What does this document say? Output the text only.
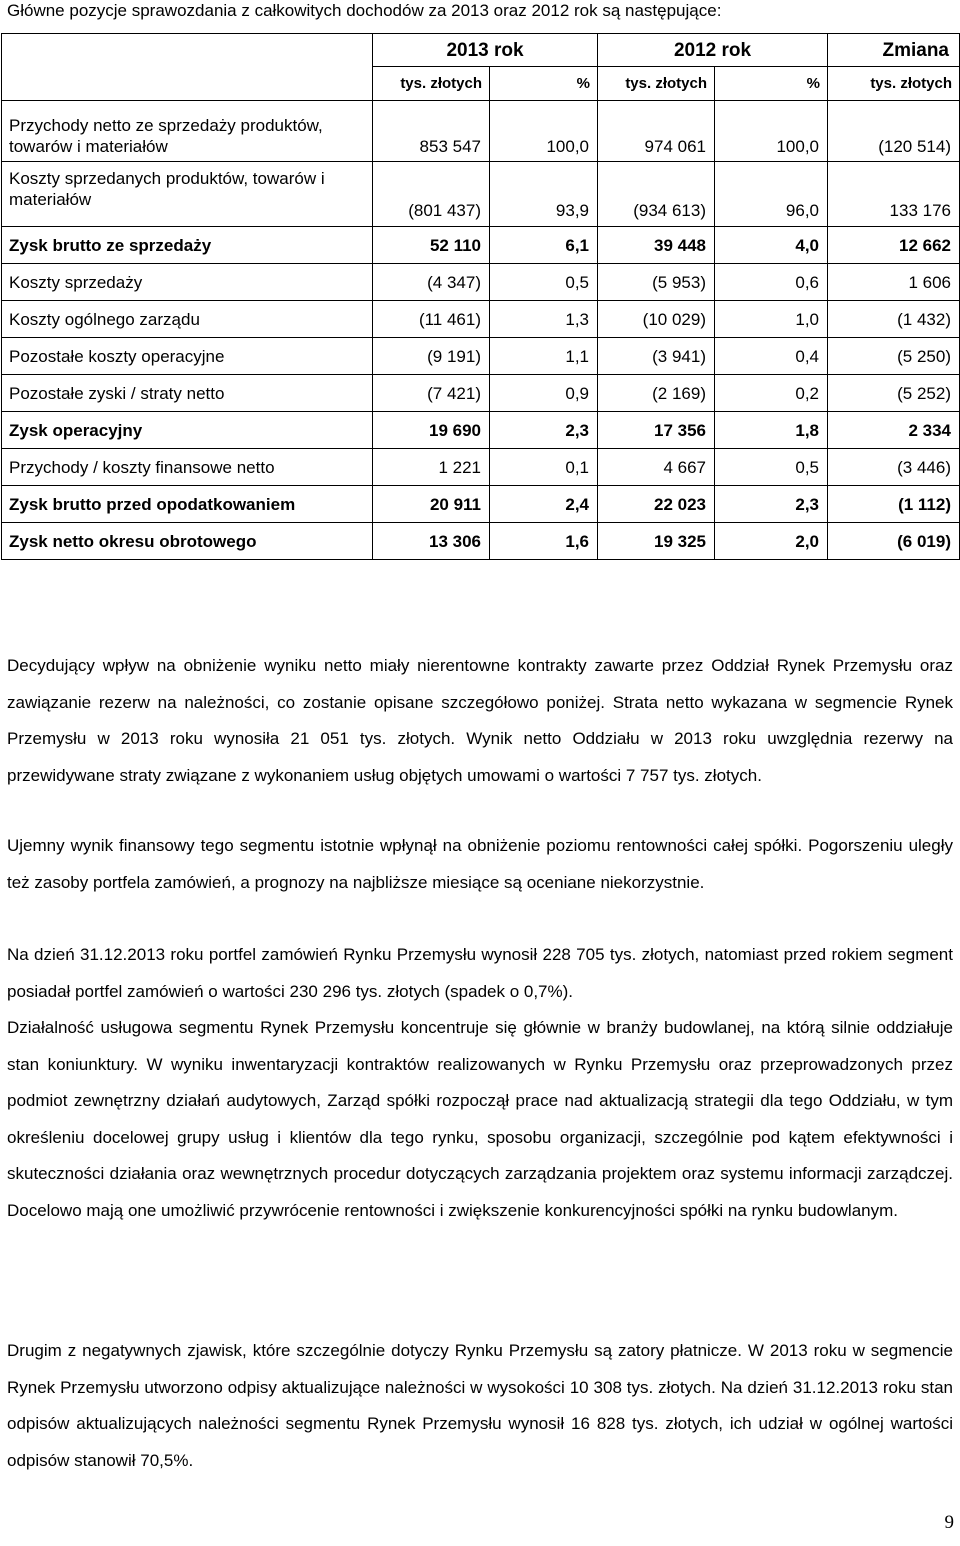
Główne pozycje sprawozdania z całkowitych dochodów za 2013 oraz 2012 rok są następujące:
	2013 rok		2012 rok		Zmiana
	tys. złotych	%	tys. złotych	%	tys. złotych
Przychody netto ze sprzedaży produktów, towarów i materiałów	853 547	100,0	974 061	100,0	(120 514)
Koszty sprzedanych produktów, towarów i materiałów	(801 437)	93,9	(934 613)	96,0	133 176
Zysk brutto ze sprzedaży	52 110	6,1	39 448	4,0	12 662
Koszty sprzedaży	(4 347)	0,5	(5 953)	0,6	1 606
Koszty ogólnego zarządu	(11 461)	1,3	(10 029)	1,0	(1 432)
Pozostałe koszty operacyjne	(9 191)	1,1	(3 941)	0,4	(5 250)
Pozostałe zyski / straty netto	(7 421)	0,9	(2 169)	0,2	(5 252)
Zysk operacyjny	19 690	2,3	17 356	1,8	2 334
Przychody / koszty finansowe netto	1 221	0,1	4 667	0,5	(3 446)
Zysk brutto przed opodatkowaniem	20 911	2,4	22 023	2,3	(1 112)
Zysk netto okresu obrotowego	13 306	1,6	19 325	2,0	(6 019)

Decydujący wpływ na obniżenie wyniku netto miały nierentowne kontrakty zawarte przez Oddział Rynek Przemysłu oraz zawiązanie rezerw na należności, co zostanie opisane szczegółowo poniżej. Strata netto wykazana w segmencie Rynek Przemysłu w 2013 roku wynosiła 21 051 tys. złotych. Wynik netto Oddziału w 2013 roku uwzględnia rezerwy na przewidywane straty związane z wykonaniem usług objętych umowami o wartości 7 757 tys. złotych.

Ujemny wynik finansowy tego segmentu istotnie wpłynął na obniżenie poziomu rentowności całej spółki. Pogorszeniu uległy też zasoby portfela zamówień, a prognozy na najbliższe miesiące są oceniane niekorzystnie.

Na dzień 31.12.2013 roku portfel zamówień Rynku Przemysłu wynosił 228 705 tys. złotych, natomiast przed rokiem segment posiadał portfel zamówień o wartości 230 296 tys. złotych (spadek o 0,7%).

Działalność usługowa segmentu Rynek Przemysłu koncentruje się głównie w branży budowlanej, na którą silnie oddziałuje stan koniunktury. W wyniku inwentaryzacji kontraktów realizowanych w Rynku Przemysłu oraz przeprowadzonych przez podmiot zewnętrzny działań audytowych, Zarząd spółki rozpoczął prace nad aktualizacją strategii dla tego Oddziału, w tym określeniu docelowej grupy usług i klientów dla tego rynku, sposobu organizacji, szczególnie pod kątem efektywności i skuteczności działania oraz wewnętrznych procedur dotyczących zarządzania projektem oraz systemu informacji zarządczej. Docelowo mają one umożliwić przywrócenie rentowności i zwiększenie konkurencyjności spółki na rynku budowlanym.

Drugim z negatywnych zjawisk, które szczególnie dotyczy Rynku Przemysłu są zatory płatnicze. W 2013 roku w segmencie Rynek Przemysłu utworzono odpisy aktualizujące należności w wysokości 10 308 tys. złotych. Na dzień 31.12.2013 roku stan odpisów aktualizujących należności segmentu Rynek Przemysłu wynosił 16 828 tys. złotych, ich udział w ogólnej wartości odpisów stanowił 70,5%.

9
